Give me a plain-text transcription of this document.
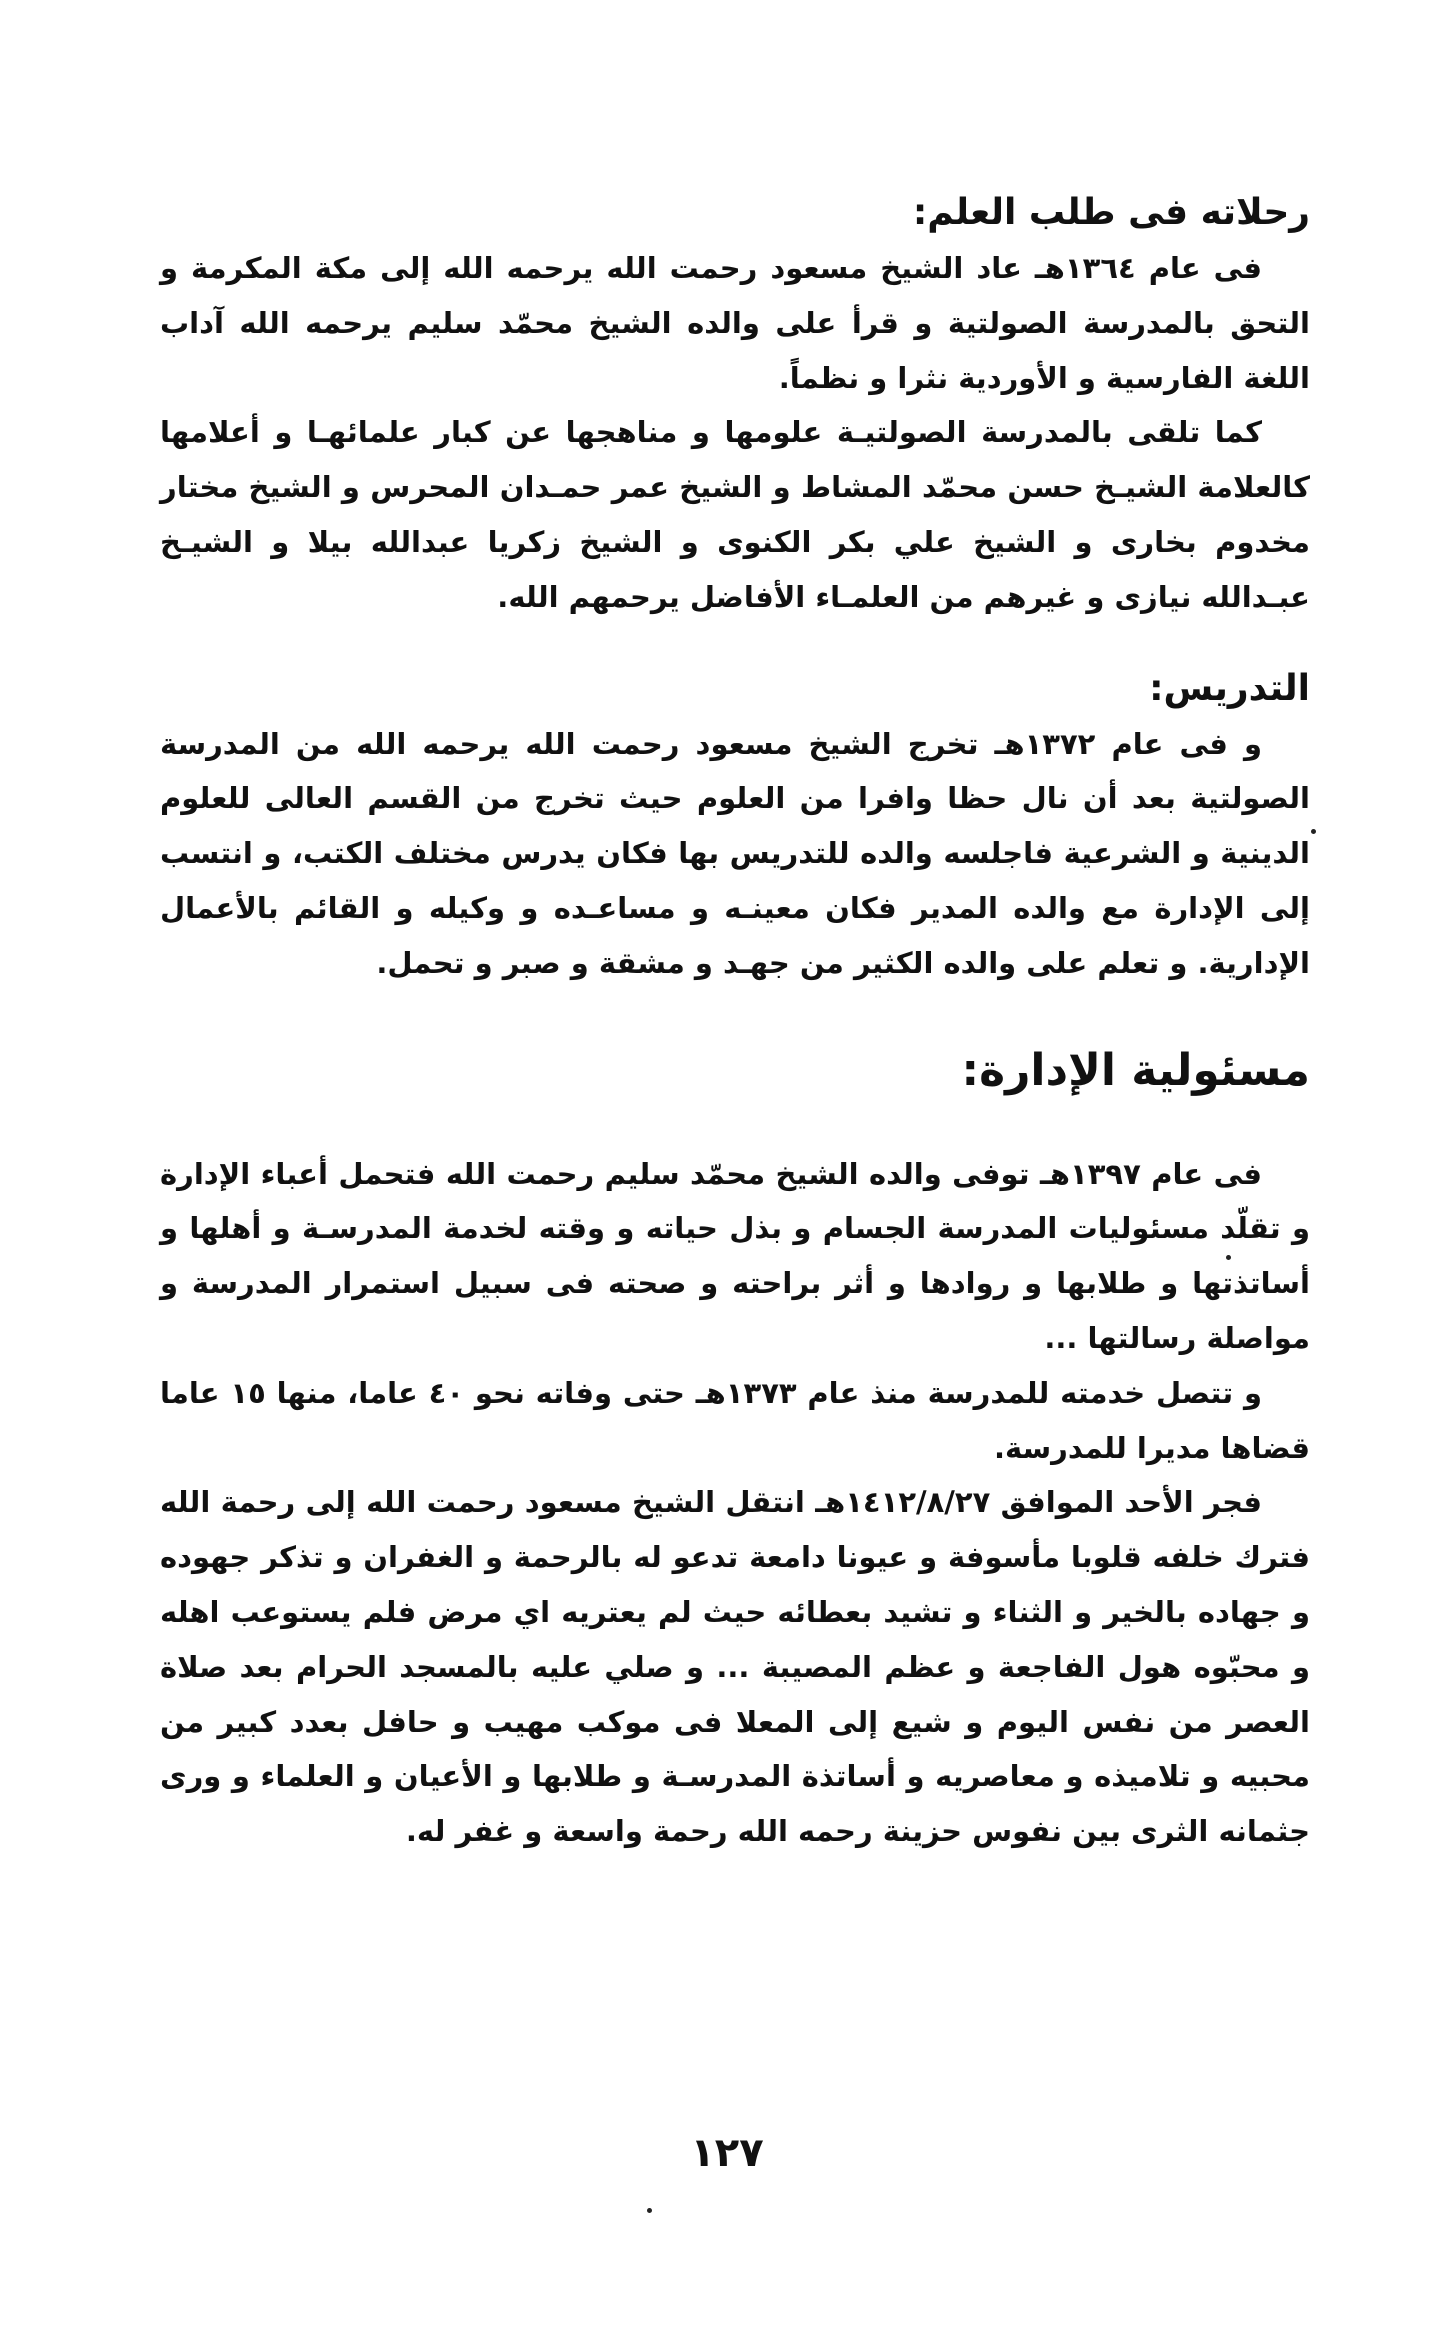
رحلاته فى طلب العلم:

فى عام ١٣٦٤هـ عاد الشيخ مسعود رحمت الله يرحمه الله إلى مكة المكرمة و التحق بالمدرسة الصولتية و قرأ على والده الشيخ محمّد سليم يرحمه الله آداب اللغة الفارسية و الأوردية نثرا و نظماً.

كما تلقى بالمدرسة الصولتيـة علومها و مناهجها عن كبار علمائهـا و أعلامها كالعلامة الشيـخ حسن محمّد المشاط و الشيخ عمر حمـدان المحرس و الشيخ مختار مخدوم بخارى و الشيخ علي بكر الكنوى و الشيخ زكريا عبدالله بيلا و الشيـخ عبـدالله نيازى و غيرهم من العلمـاء الأفاضل يرحمهم الله.

التدريس:

و فى عام ١٣٧٢هـ تخرج الشيخ مسعود رحمت الله يرحمه الله من المدرسة الصولتية بعد أن نال حظا وافرا من العلوم حيث تخرج من القسم العالى للعلوم الدينية و الشرعية فاجلسه والده للتدريس بها فكان يدرس مختلف الكتب، و انتسب إلى الإدارة مع والده المدير فكان معينـه و مساعـده و وكيله و القائم بالأعمال الإدارية. و تعلم على والده الكثير من جهـد و مشقة و صبر و تحمل.

مسئولية الإدارة:

فى عام ١٣٩٧هـ توفى والده الشيخ محمّد سليم رحمت الله فتحمل أعباء الإدارة و تقلّد مسئوليات المدرسة الجسام و بذل حياته و وقته لخدمة المدرسـة و أهلها و أساتذتها و طلابها و روادها و أثر براحته و صحته فى سبيل استمرار المدرسة و مواصلة رسالتها ...

و تتصل خدمته للمدرسة منذ عام ١٣٧٣هـ حتى وفاته نحو ٤٠ عاما، منها ١٥ عاما قضاها مديرا للمدرسة.

فجر الأحد الموافق ١٤١٢/٨/٢٧هـ انتقل الشيخ مسعود رحمت الله إلى رحمة الله فترك خلفه قلوبا مأسوفة و عيونا دامعة تدعو له بالرحمة و الغفران و تذكر جهوده و جهاده بالخير و الثناء و تشيد بعطائه حيث لم يعتريه اي مرض فلم يستوعب اهله و محبّوه هول الفاجعة و عظم المصيبة ... و صلي عليه بالمسجد الحرام بعد صلاة العصر من نفس اليوم و شيع إلى المعلا فى موكب مهيب و حافل بعدد كبير من محبيه و تلاميذه و معاصريه و أساتذة المدرسـة و طلابها و الأعيان و العلماء و ورى جثمانه الثرى بين نفوس حزينة رحمه الله رحمة واسعة و غفر له.

١٢٧
